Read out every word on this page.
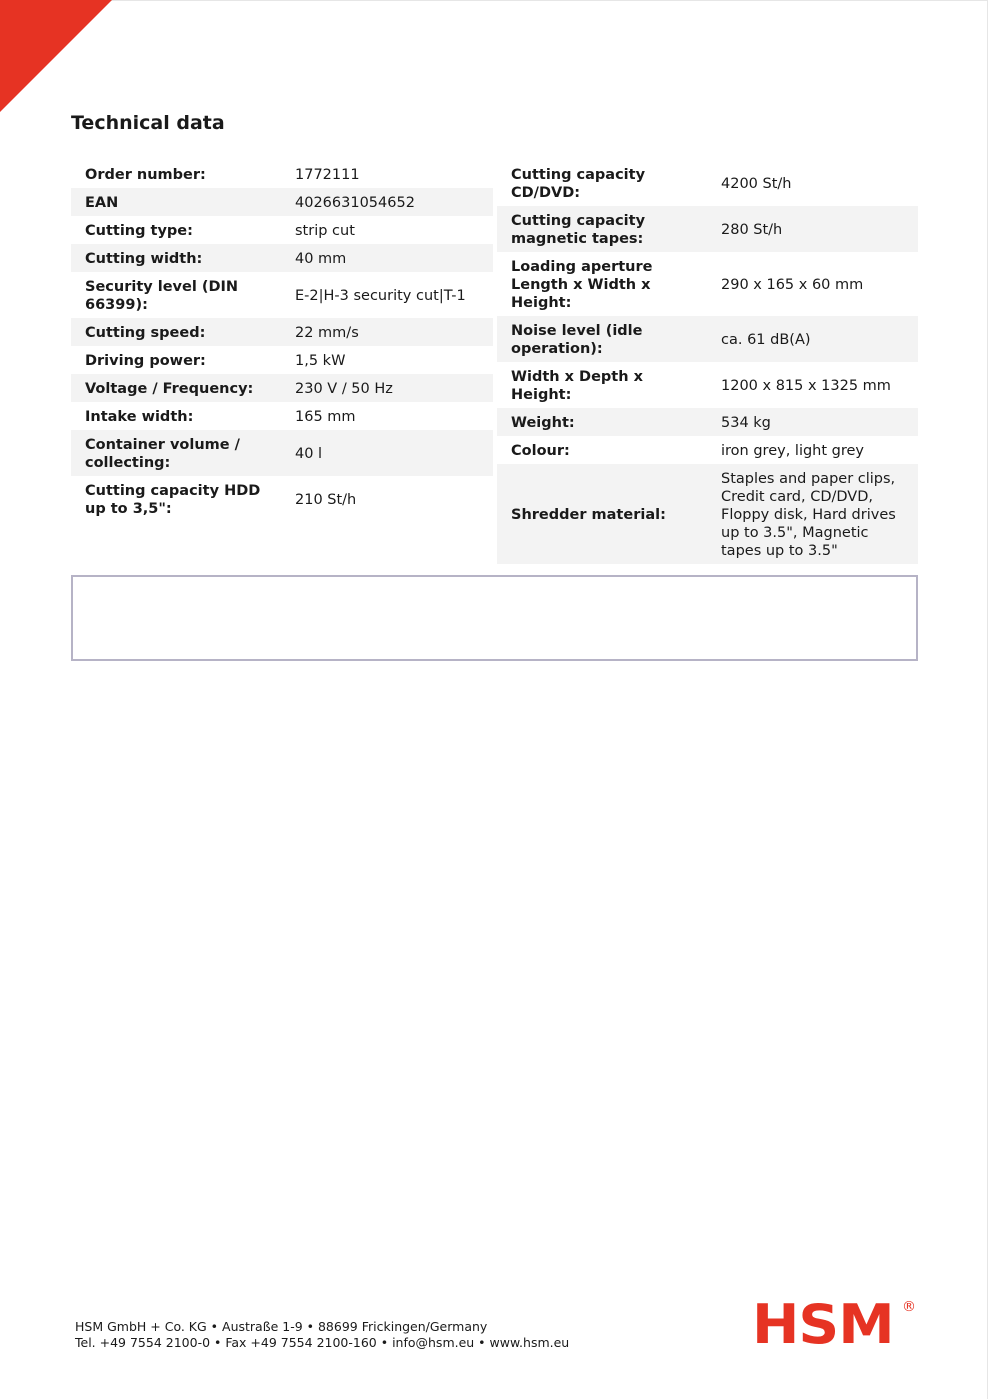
Technical data
Order number:	1772111
EAN	4026631054652
Cutting type:	strip cut
Cutting width:	40 mm
Security level (DIN 66399):	E-2|H-3 security cut|T-1
Cutting speed:	22 mm/s
Driving power:	1,5 kW
Voltage / Frequency:	230 V / 50 Hz
Intake width:	165 mm
Container volume / collecting:	40 l
Cutting capacity HDD up to 3,5":	210 St/h
Cutting capacity CD/DVD:	4200 St/h
Cutting capacity magnetic tapes:	280 St/h
Loading aperture Length x Width x Height:	290 x 165 x 60 mm
Noise level (idle operation):	ca. 61 dB(A)
Width x Depth x Height:	1200 x 815 x 1325 mm
Weight:	534 kg
Colour:	iron grey, light grey
Shredder material:	Staples and paper clips, Credit card, CD/DVD, Floppy disk, Hard drives up to 3.5", Magnetic tapes up to 3.5"
HSM GmbH + Co. KG • Austraße 1-9 • 88699 Frickingen/Germany
Tel. +49 7554 2100-0 • Fax +49 7554 2100-160 • info@hsm.eu • www.hsm.eu	HSM ®
